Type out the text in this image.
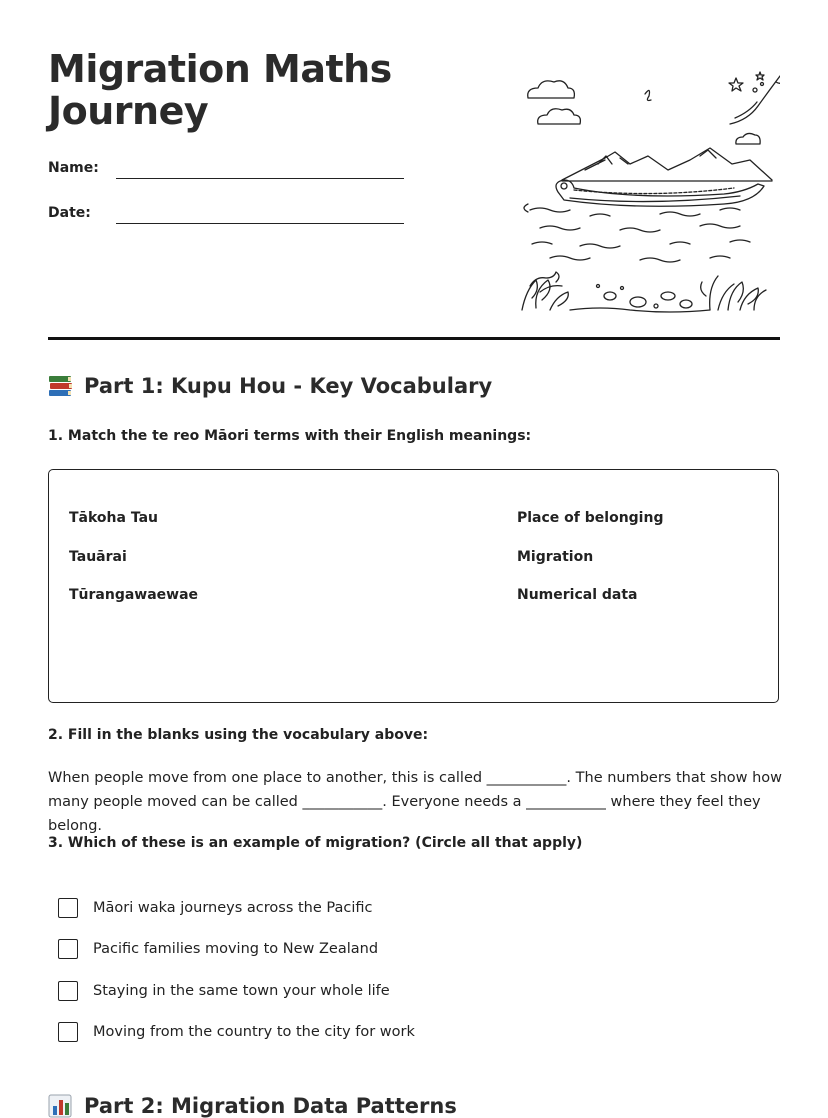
Migration Maths
Journey
Name:
Date:
Part 1: Kupu Hou - Key Vocabulary

1. Match the te reo Māori terms with their English meanings:

Tākoha Tau
Tauārai
Tūrangawaewae
Place of belonging
Migration
Numerical data

2. Fill in the blanks using the vocabulary above:

When people move from one place to another, this is called ___________. The numbers that show how many people moved can be called ___________. Everyone needs a ___________ where they feel they belong.

3. Which of these is an example of migration? (Circle all that apply)

Māori waka journeys across the Pacific
Pacific families moving to New Zealand
Staying in the same town your whole life
Moving from the country to the city for work
Part 2: Migration Data Patterns
